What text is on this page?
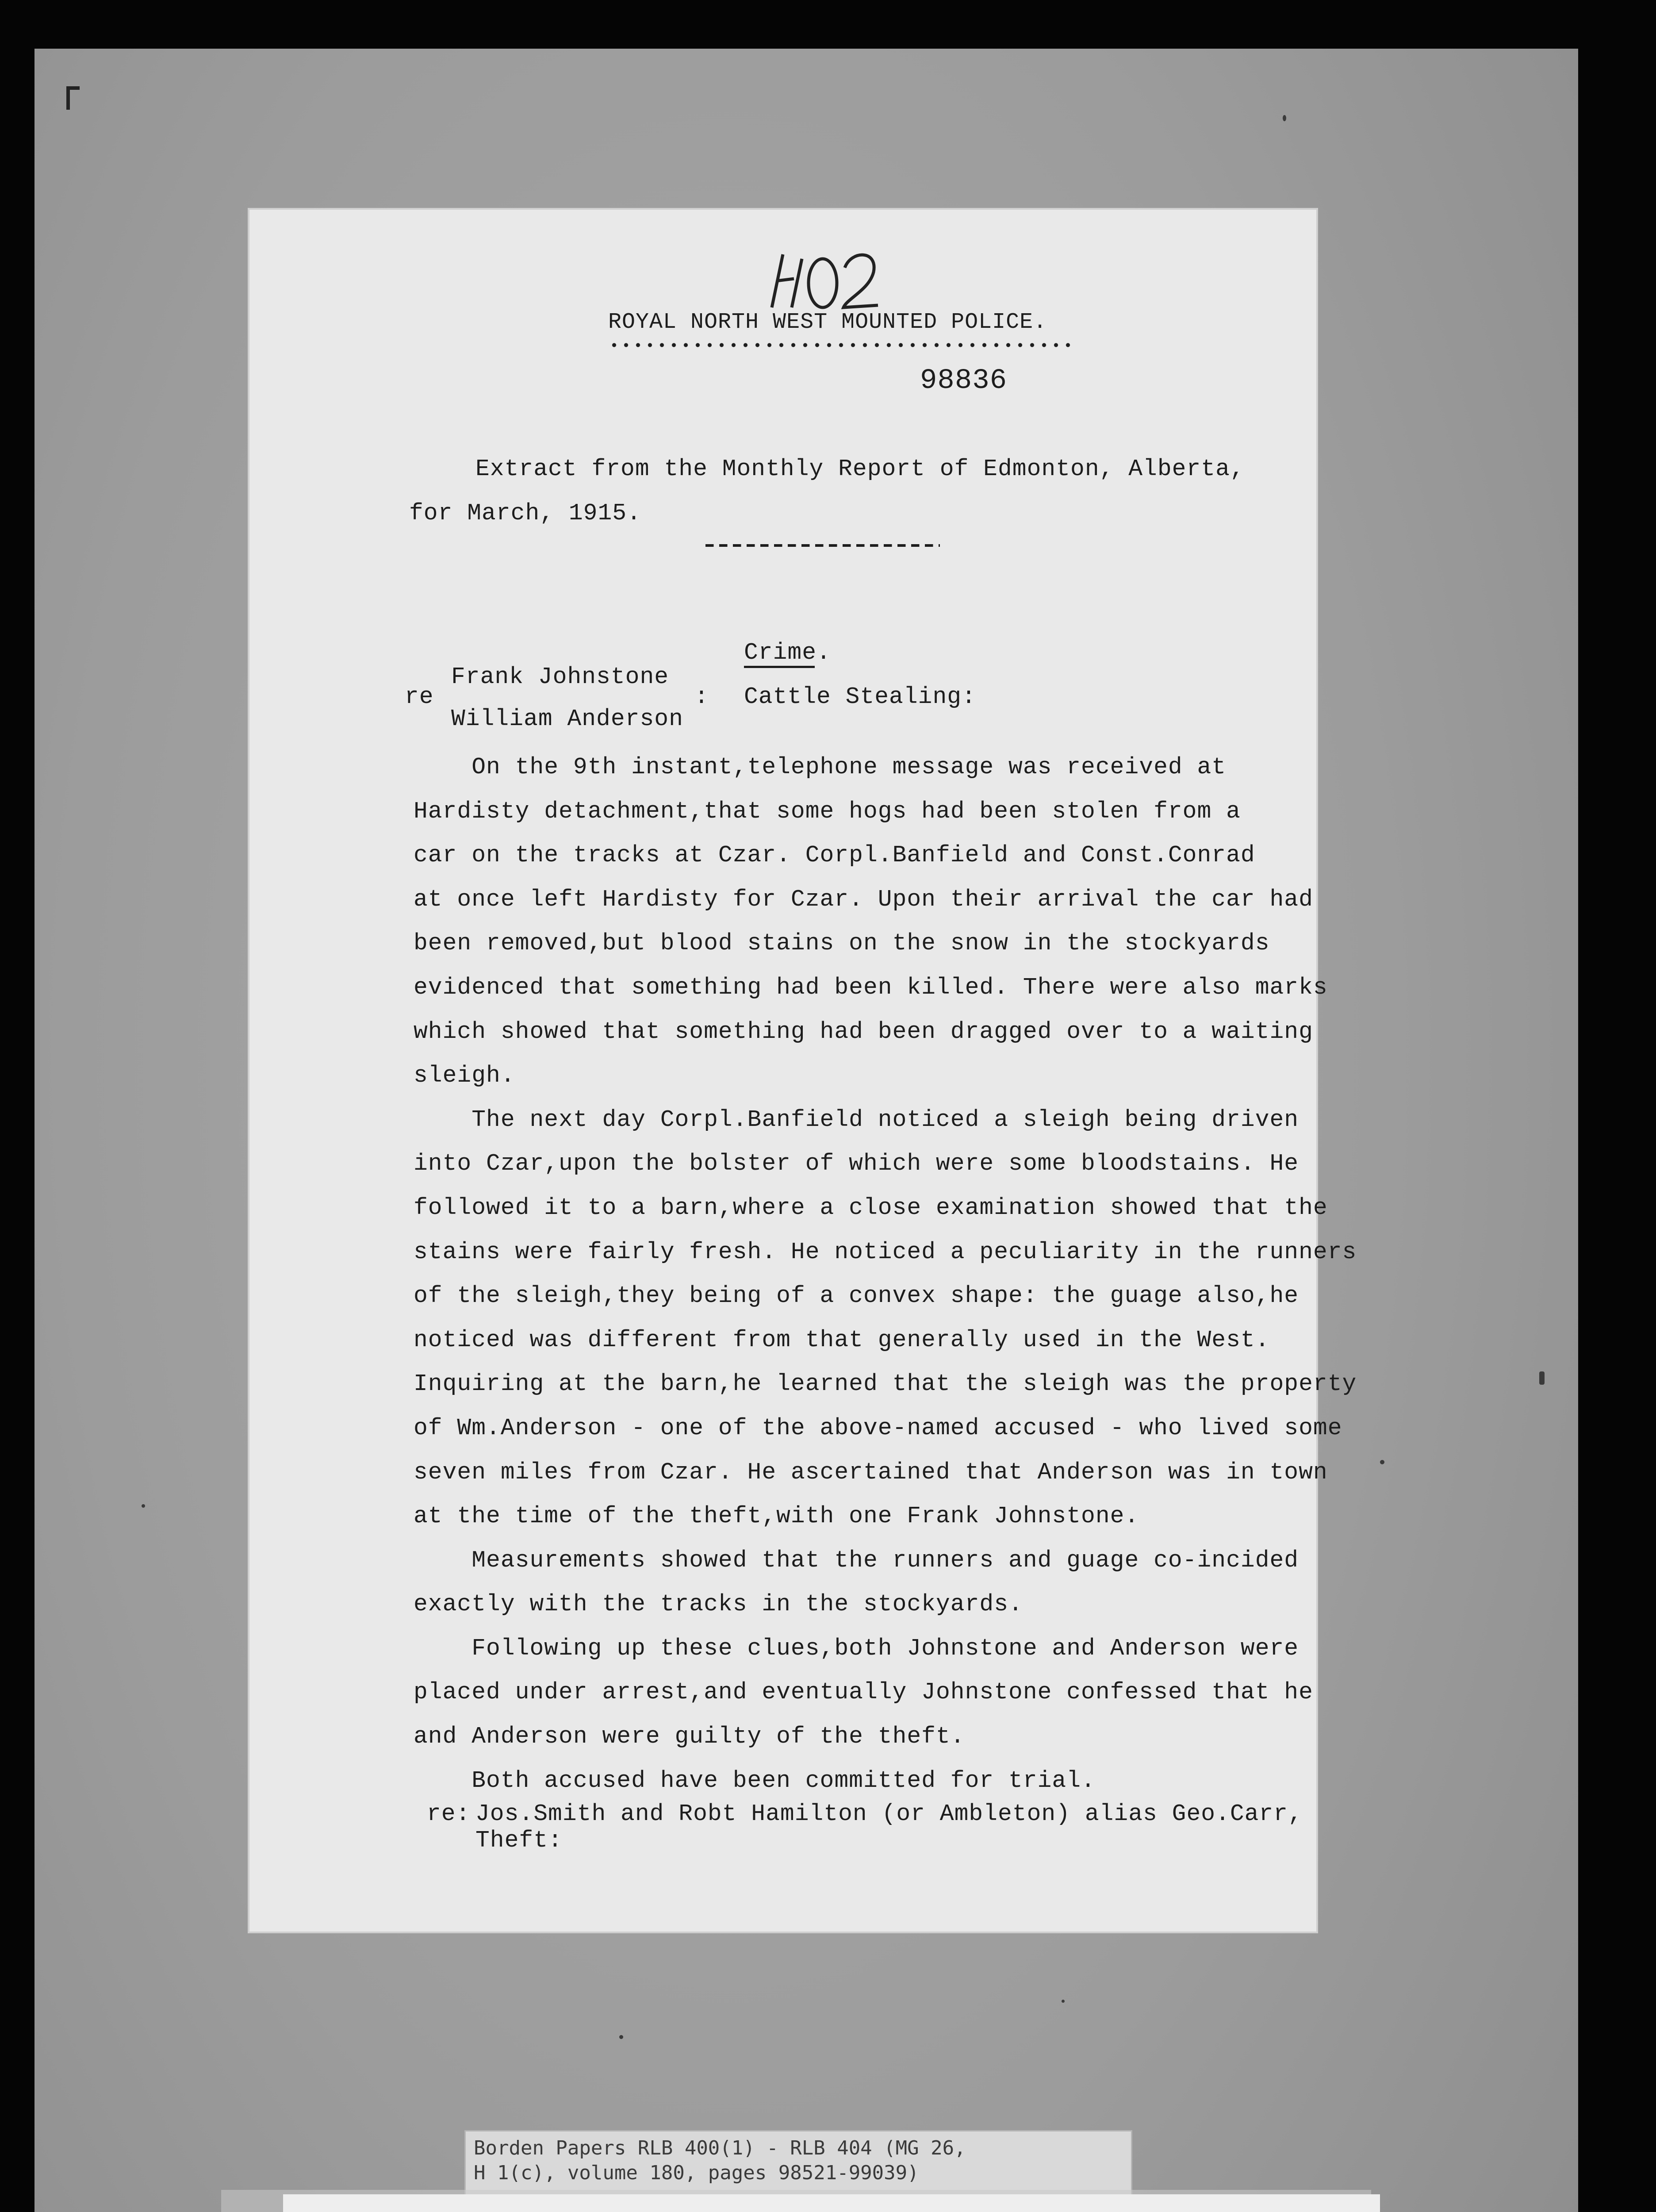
ROYAL NORTH WEST MOUNTED POLICE.
98836
Extract from the Monthly Report of Edmonton, Alberta,
for March, 1915.
Crime.
Frank Johnstone
re
William Anderson
: Cattle Stealing:
On the 9th instant,telephone message was received at
Hardisty detachment,that some hogs had been stolen from a
car on the tracks at Czar. Corpl.Banfield and Const.Conrad
at once left Hardisty for Czar. Upon their arrival the car had
been removed,but blood stains on the snow in the stockyards
evidenced that something had been killed. There were also marks
which showed that something had been dragged over to a waiting
sleigh.
The next day Corpl.Banfield noticed a sleigh being driven
into Czar,upon the bolster of which were some bloodstains. He
followed it to a barn,where a close examination showed that the
stains were fairly fresh. He noticed a peculiarity in the runners
of the sleigh,they being of a convex shape: the guage also,he
noticed was different from that generally used in the West.
Inquiring at the barn,he learned that the sleigh was the property
of Wm.Anderson - one of the above-named accused - who lived some
seven miles from Czar. He ascertained that Anderson was in town
at the time of the theft,with one Frank Johnstone.
Measurements showed that the runners and guage co-incided
exactly with the tracks in the stockyards.
Following up these clues,both Johnstone and Anderson were
placed under arrest,and eventually Johnstone confessed that he
and Anderson were guilty of the theft.
Both accused have been committed for trial.
re: Jos.Smith and Robt Hamilton (or Ambleton) alias Geo.Carr,
Theft:
Borden Papers RLB 400(1) - RLB 404 (MG 26,
H 1(c), volume 180, pages 98521-99039)
